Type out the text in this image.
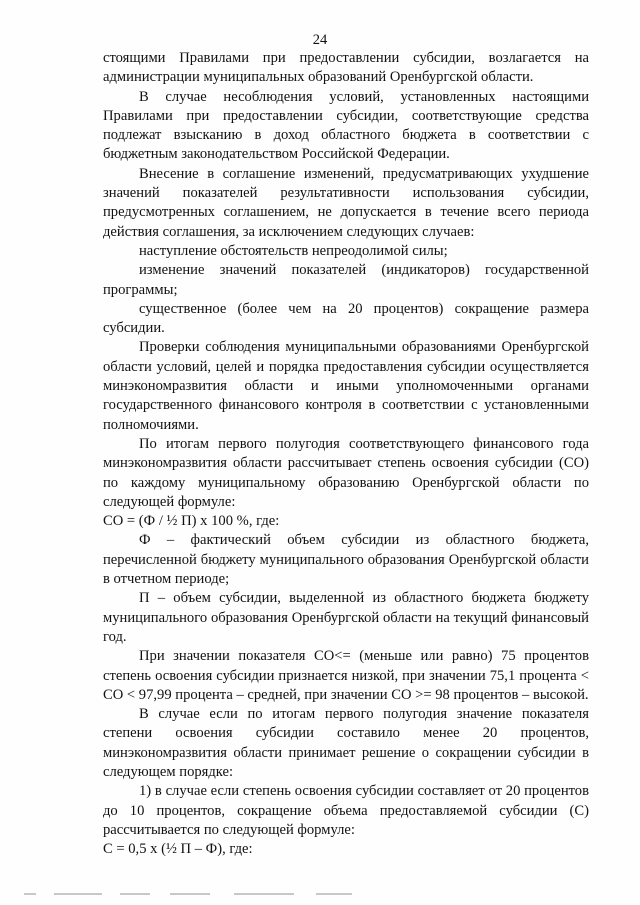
24

стоящими Правилами при предоставлении субсидии, возлагается на администрации муниципальных образований Оренбургской области.

В случае несоблюдения условий, установленных настоящими Правилами при предоставлении субсидии, соответствующие средства подлежат взысканию в доход областного бюджета в соответствии с бюджетным законодательством Российской Федерации.

Внесение в соглашение изменений, предусматривающих ухудшение значений показателей результативности использования субсидии, предусмотренных соглашением, не допускается в течение всего периода действия соглашения, за исключением следующих случаев:

наступление обстоятельств непреодолимой силы;

изменение значений показателей (индикаторов) государственной программы;

существенное (более чем на 20 процентов) сокращение размера субсидии.

Проверки соблюдения муниципальными образованиями Оренбургской области условий, целей и порядка предоставления субсидии осуществляется минэкономразвития области и иными уполномоченными органами государственного финансового контроля в соответствии с установленными полномочиями.

По итогам первого полугодия соответствующего финансового года минэкономразвития области рассчитывает степень освоения субсидии (СО) по каждому муниципальному образованию Оренбургской области по следующей формуле:

СО = (Ф / ½ П) х 100 %, где:

Ф – фактический объем субсидии из областного бюджета, перечисленной бюджету муниципального образования Оренбургской области в отчетном периоде;

П – объем субсидии, выделенной из областного бюджета бюджету муниципального образования Оренбургской области на текущий финансовый год.

При значении показателя СО<= (меньше или равно) 75 процентов степень освоения субсидии признается низкой, при значении 75,1 процента < СО < 97,99 процента – средней, при значении СО >= 98 процентов – высокой.

В случае если по итогам первого полугодия значение показателя степени освоения субсидии составило менее 20 процентов, минэкономразвития области принимает решение о сокращении субсидии в следующем порядке:

1) в случае если степень освоения субсидии составляет от 20 процентов до 10 процентов, сокращение объема предоставляемой субсидии (С) рассчитывается по следующей формуле:

С = 0,5 х (½ П – Ф), где:
